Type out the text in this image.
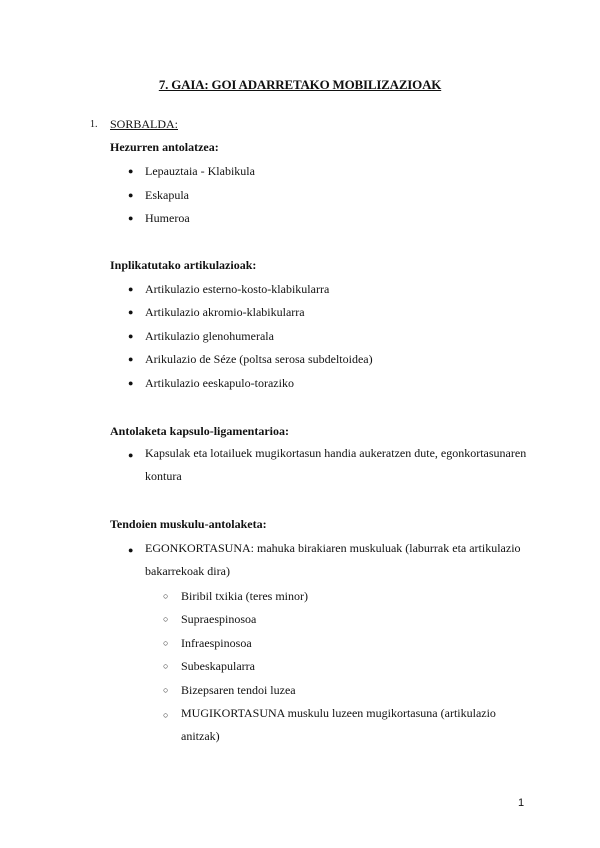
7. GAIA: GOI ADARRETAKO MOBILIZAZIOAK
1. SORBALDA:
Hezurren antolatzea:
● Lepauztaia - Klabikula
● Eskapula
● Humeroa
Inplikatutako artikulazioak:
● Artikulazio esterno-kosto-klabikularra
● Artikulazio akromio-klabikularra
● Artikulazio glenohumerala
● Arikulazio de Séze (poltsa serosa subdeltoidea)
● Artikulazio eeskapulo-toraziko
Antolaketa kapsulo-ligamentarioa:
● Kapsulak eta lotailuek mugikortasun handia aukeratzen dute, egonkortasunaren
kontura
Tendoien muskulu-antolaketa:
● EGONKORTASUNA: mahuka birakiaren muskuluak (laburrak eta artikulazio
bakarrekoak dira)
○ Biribil txikia (teres minor)
○ Supraespinosoa
○ Infraespinosoa
○ Subeskapularra
○ Bizepsaren tendoi luzea
○ MUGIKORTASUNA muskulu luzeen mugikortasuna (artikulazio
anitzak)
1
